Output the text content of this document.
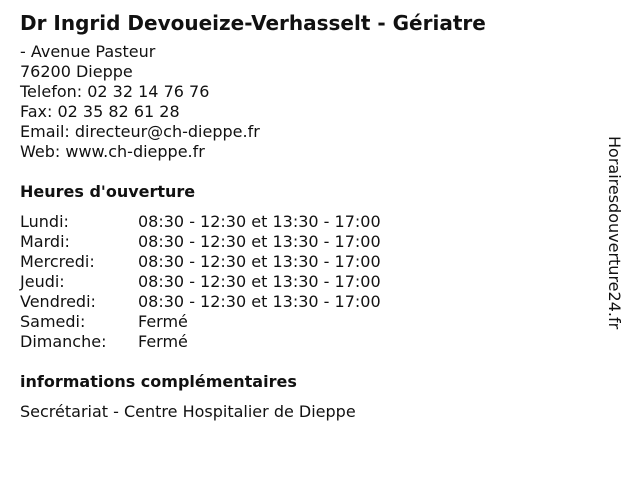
Dr Ingrid Devoueize-Verhasselt - Gériatre
- Avenue Pasteur
76200 Dieppe
Telefon: 02 32 14 76 76
Fax: 02 35 82 61 28
Email: directeur@ch-dieppe.fr
Web: www.ch-dieppe.fr
Heures d'ouverture
Lundi:	08:30 - 12:30 et 13:30 - 17:00
Mardi:	08:30 - 12:30 et 13:30 - 17:00
Mercredi:	08:30 - 12:30 et 13:30 - 17:00
Jeudi:	08:30 - 12:30 et 13:30 - 17:00
Vendredi:	08:30 - 12:30 et 13:30 - 17:00
Samedi:	Fermé
Dimanche:	Fermé
informations complémentaires
Secrétariat - Centre Hospitalier de Dieppe
Horairesdouverture24.fr
